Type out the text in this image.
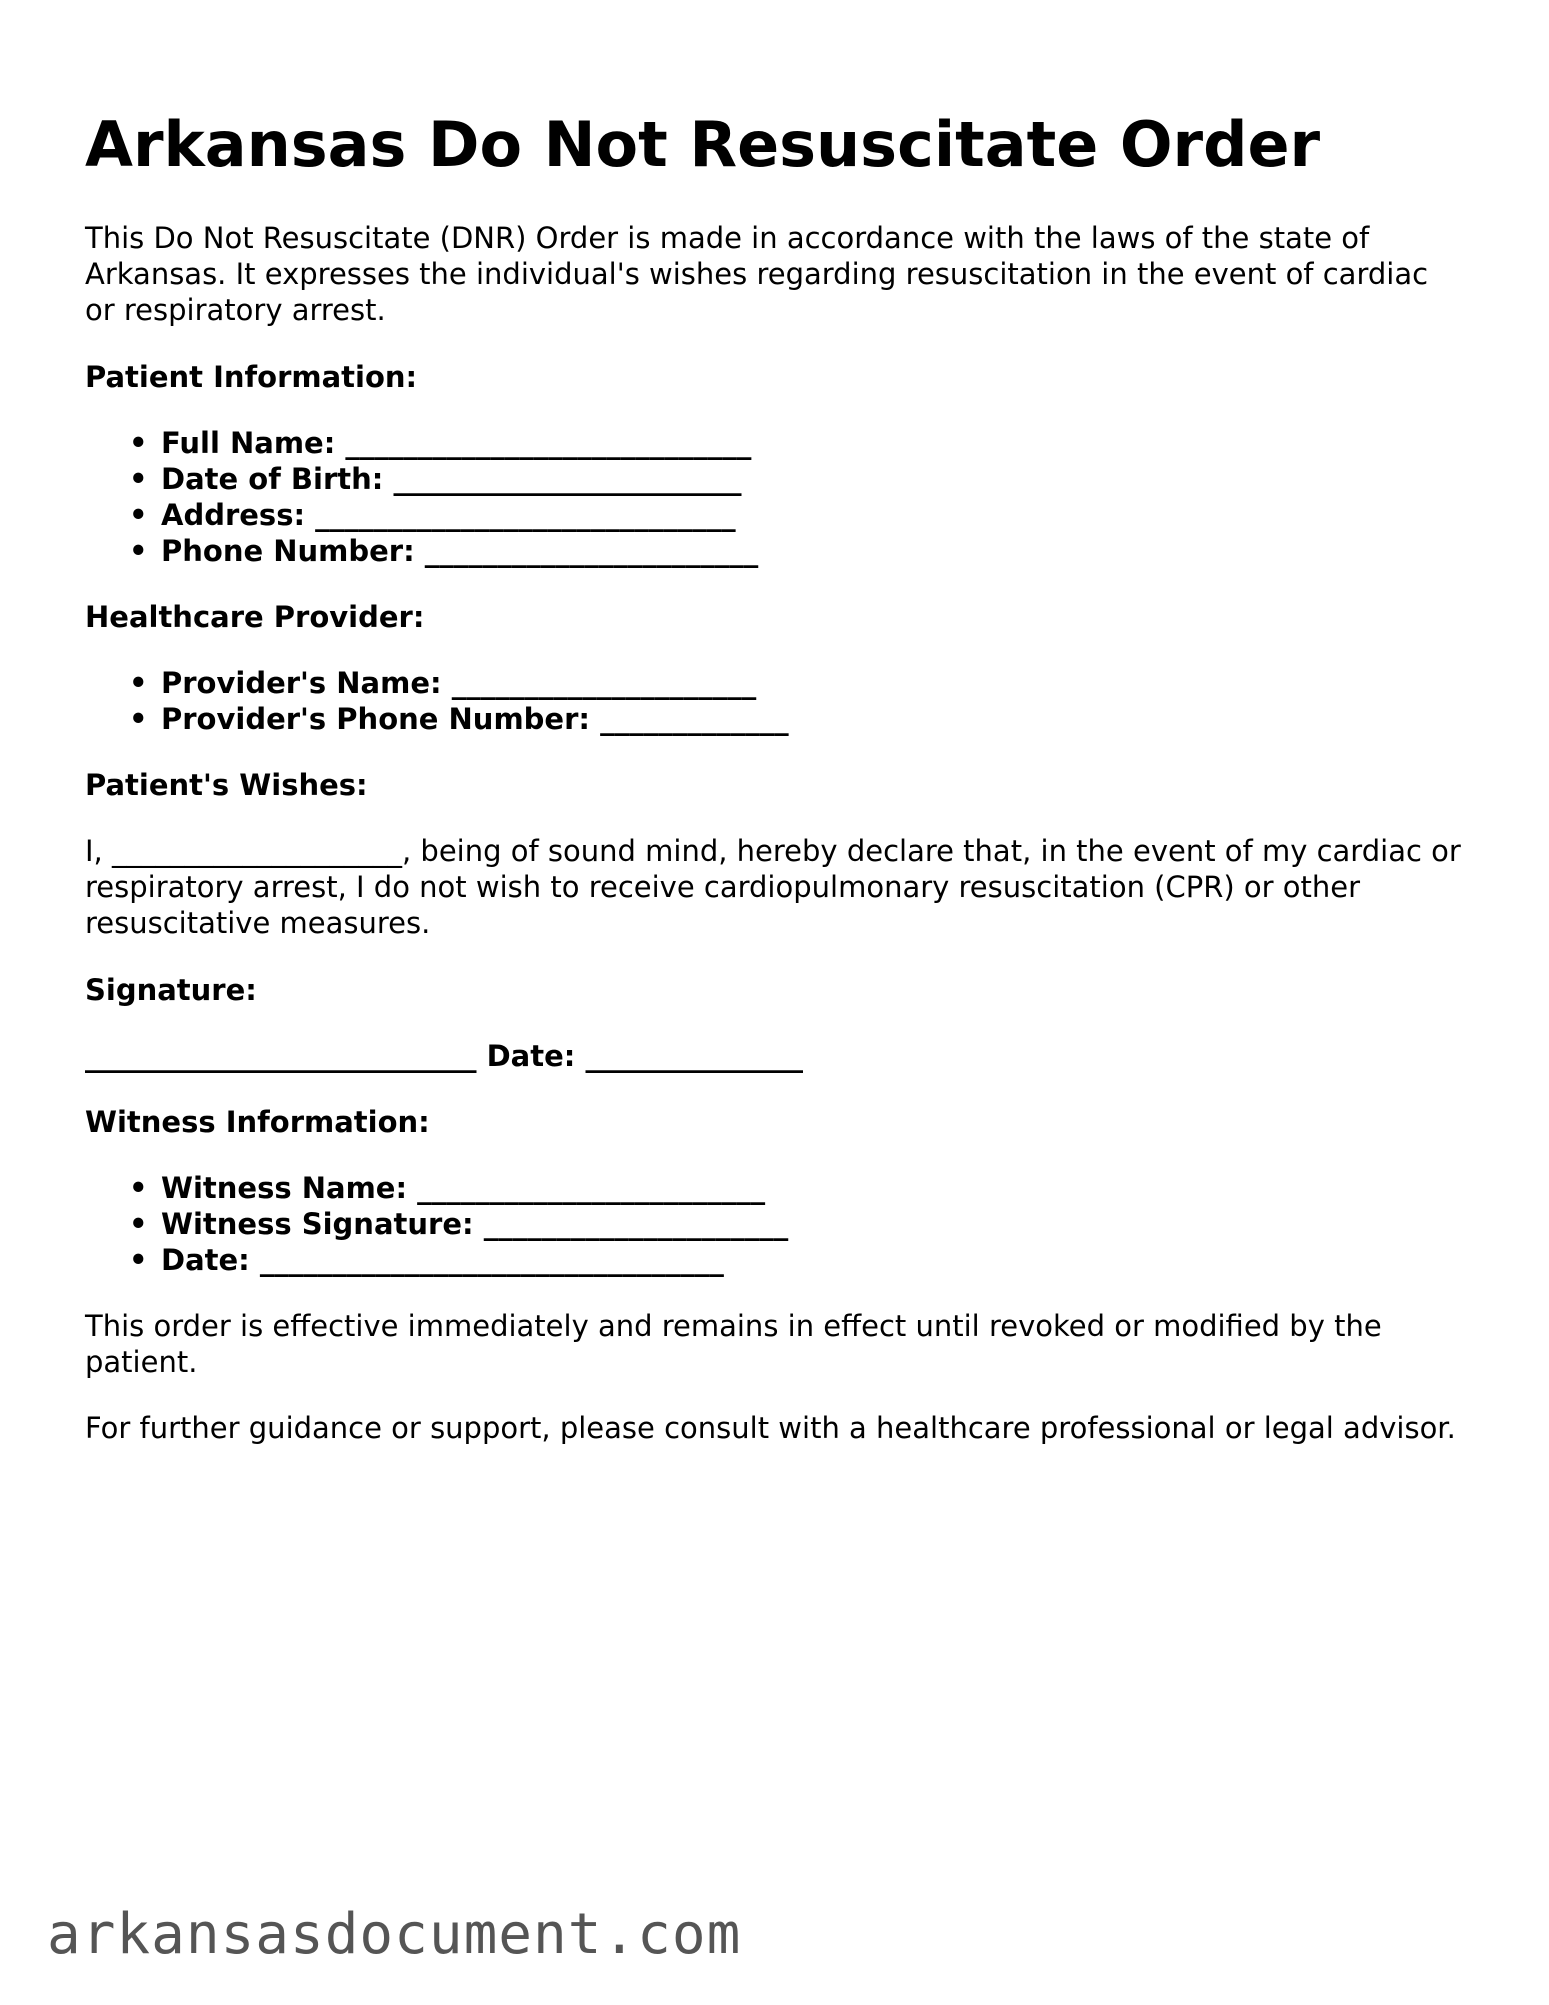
Arkansas Do Not Resuscitate Order

This Do Not Resuscitate (DNR) Order is made in accordance with the laws of the state of Arkansas. It expresses the individual's wishes regarding resuscitation in the event of cardiac or respiratory arrest.

Patient Information:

• Full Name: ____________________________
• Date of Birth: ________________________
• Address: _____________________________
• Phone Number: _______________________

Healthcare Provider:

• Provider's Name: _____________________
• Provider's Phone Number: _____________

Patient's Wishes:

I, ____________________, being of sound mind, hereby declare that, in the event of my cardiac or respiratory arrest, I do not wish to receive cardiopulmonary resuscitation (CPR) or other resuscitative measures.

Signature:

___________________________ Date: _______________

Witness Information:

• Witness Name: ________________________
• Witness Signature: _____________________
• Date: ________________________________

This order is effective immediately and remains in effect until revoked or modified by the patient.

For further guidance or support, please consult with a healthcare professional or legal advisor.

arkansasdocument.com
